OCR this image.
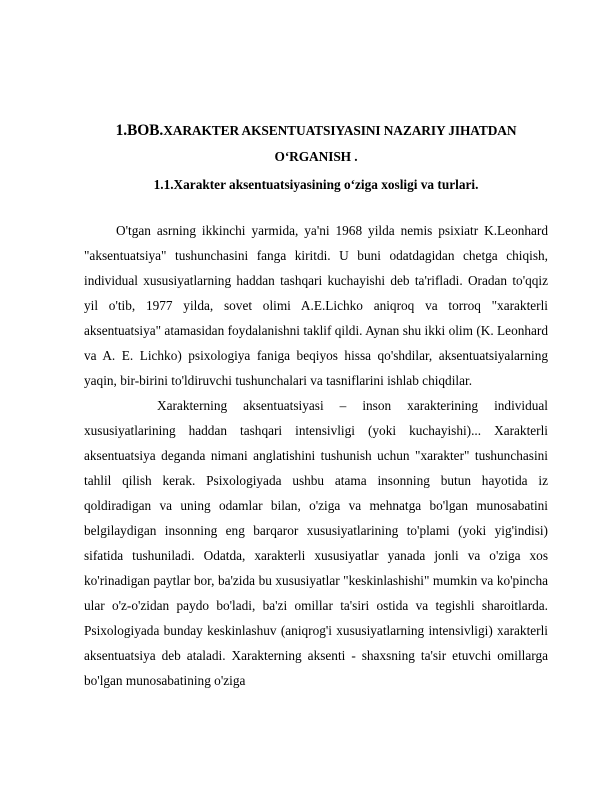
1.BOB.XARAKTER AKSENTUATSIYASINI NAZARIY JIHATDAN
O‘RGANISH .
1.1.Xarakter aksentuatsiyasining o‘ziga xosligi va turlari.

O'tgan asrning ikkinchi yarmida, ya'ni 1968 yilda nemis psixiatr K.Leonhard "aksentuatsiya" tushunchasini fanga kiritdi. U buni odatdagidan chetga chiqish, individual xususiyatlarning haddan tashqari kuchayishi deb ta'rifladi. Oradan to'qqiz yil o'tib, 1977 yilda, sovet olimi A.E.Lichko aniqroq va torroq "xarakterli aksentuatsiya" atamasidan foydalanishni taklif qildi. Aynan shu ikki olim (K. Leonhard va A. E. Lichko) psixologiya faniga beqiyos hissa qo'shdilar, aksentuatsiyalarning yaqin, bir-birini to'ldiruvchi tushunchalari va tasniflarini ishlab chiqdilar.

Xarakterning aksentuatsiyasi – inson xarakterining individual xususiyatlarining haddan tashqari intensivligi (yoki kuchayishi)... Xarakterli aksentuatsiya deganda nimani anglatishini tushunish uchun "xarakter" tushunchasini tahlil qilish kerak. Psixologiyada ushbu atama insonning butun hayotida iz qoldiradigan va uning odamlar bilan, o'ziga va mehnatga bo'lgan munosabatini belgilaydigan insonning eng barqaror xususiyatlarining to'plami (yoki yig'indisi) sifatida tushuniladi. Odatda, xarakterli xususiyatlar yanada jonli va o'ziga xos ko'rinadigan paytlar bor, ba'zida bu xususiyatlar "keskinlashishi" mumkin va ko'pincha ular o'z-o'zidan paydo bo'ladi, ba'zi omillar ta'siri ostida va tegishli sharoitlarda. Psixologiyada bunday keskinlashuv (aniqrog'i xususiyatlarning intensivligi) xarakterli aksentuatsiya deb ataladi. Xarakterning aksenti - shaxsning ta'sir etuvchi omillarga bo'lgan munosabatining o'ziga
